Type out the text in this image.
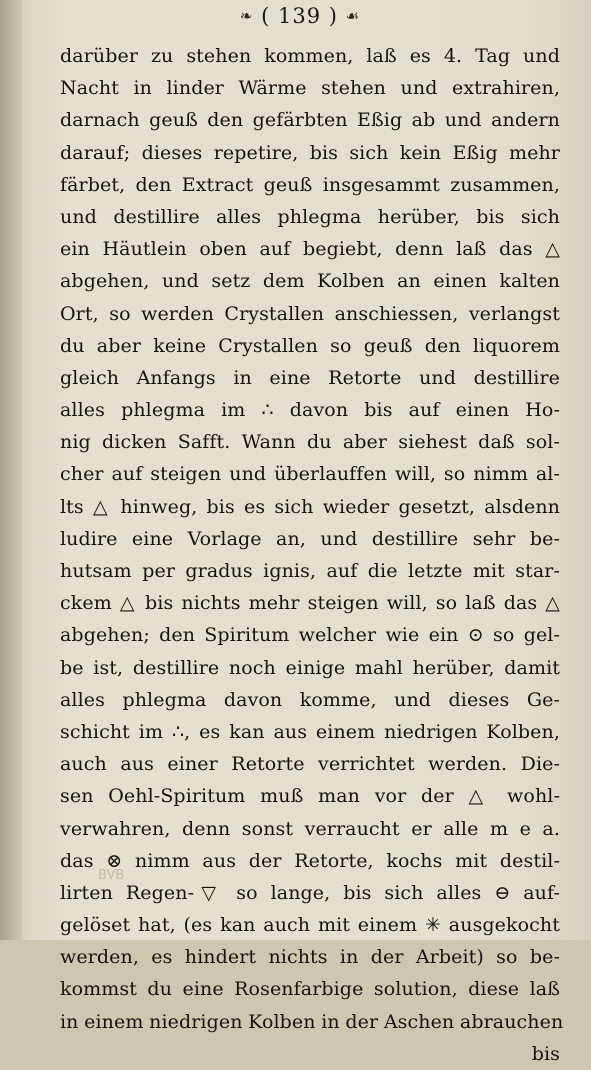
❧ ( 139 ) ☙
darüber zu stehen kommen, laß es 4. Tag und
Nacht in linder Wärme stehen und extrahiren,
darnach geuß den gefärbten Eßig ab und andern
darauf; dieses repetire, bis sich kein Eßig mehr
färbet, den Extract geuß insgesammt zusammen,
und destillire alles phlegma herüber, bis sich
ein Häutlein oben auf begiebt, denn laß das △
abgehen, und setz dem Kolben an einen kalten
Ort, so werden Crystallen anschiessen, verlangst
du aber keine Crystallen so geuß den liquorem
gleich Anfangs in eine Retorte und destillire
alles phlegma im ∴ davon bis auf einen Ho-
nig dicken Safft. Wann du aber siehest daß sol-
cher auf steigen und überlauffen will, so nimm al-
lts △ hinweg, bis es sich wieder gesetzt, alsdenn
ludire eine Vorlage an, und destillire sehr be-
hutsam per gradus ignis, auf die letzte mit star-
ckem △ bis nichts mehr steigen will, so laß das △
abgehen; den Spiritum welcher wie ein ⊙ so gel-
be ist, destillire noch einige mahl herüber, damit
alles phlegma davon komme, und dieses Ge-
schicht im ∴, es kan aus einem niedrigen Kolben,
auch aus einer Retorte verrichtet werden. Die-
sen Oehl-Spiritum muß man vor der △ wohl-
verwahren, denn sonst verraucht er alle m e a.
das ⊗ nimm aus der Retorte, kochs mit destil-
lirten Regen-▽ so lange, bis sich alles ⊖ auf-
gelöset hat, (es kan auch mit einem ✳ ausgekocht
werden, es hindert nichts in der Arbeit) so be-
kommst du eine Rosenfarbige solution, diese laß
in einem niedrigen Kolben in der Aschen abrauchen
bis
BVB
